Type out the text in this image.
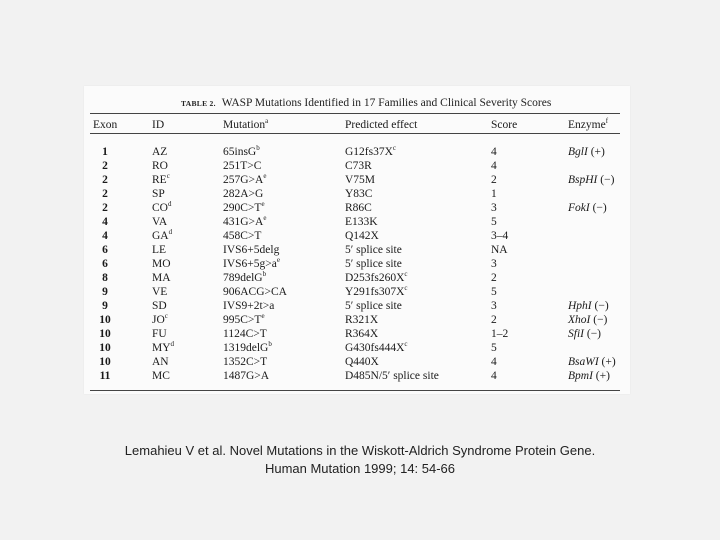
TABLE 2. WASP Mutations Identified in 17 Families and Clinical Severity Scores
Exon	ID	Mutation$^a$	Predicted effect	Score	Enzyme$^f$
1	AZ	65insG$^b$	$G12fs37X^c$	4	BglI (+)
2	RO	251T>C	C73R	4
2	$RE^c$	$257G>A^e$	V75M	2	BspHI (−)
2	SP	282A>G	Y83C	1
2	$CO^d$	$290C>T^e$	R86C	3	FokI (−)
4	VA	$431G>A^e$	E133K	5
4	$GA^d$	458C>T	Q142X	3–4
6	LE	IVS6+5delg	5′ splice site	NA
6	MO	$IVS6+5g>a^e$	5′ splice site	3
8	MA	789delG$^b$	$D253fs260X^c$	2
9	VE	906ACG>CA	$Y291fs307X^c$	5
9	SD	IVS9+2t>a	5′ splice site	3	HphI (−)
10	$JO^c$	$995C>T^e$	R321X	2	XhoI (−)
10	FU	1124C>T	R364X	1–2	SfiI (−)
10	$MY^d$	1319delG$^b$	$G430fs444X^c$	5
10	AN	1352C>T	Q440X	4	BsaWI (+)
11	MC	1487G>A	D485N/5′ splice site	4	BpmI (+)
Lemahieu V et al. Novel Mutations in the Wiskott-Aldrich Syndrome Protein Gene.
Human Mutation 1999; 14: 54-66
